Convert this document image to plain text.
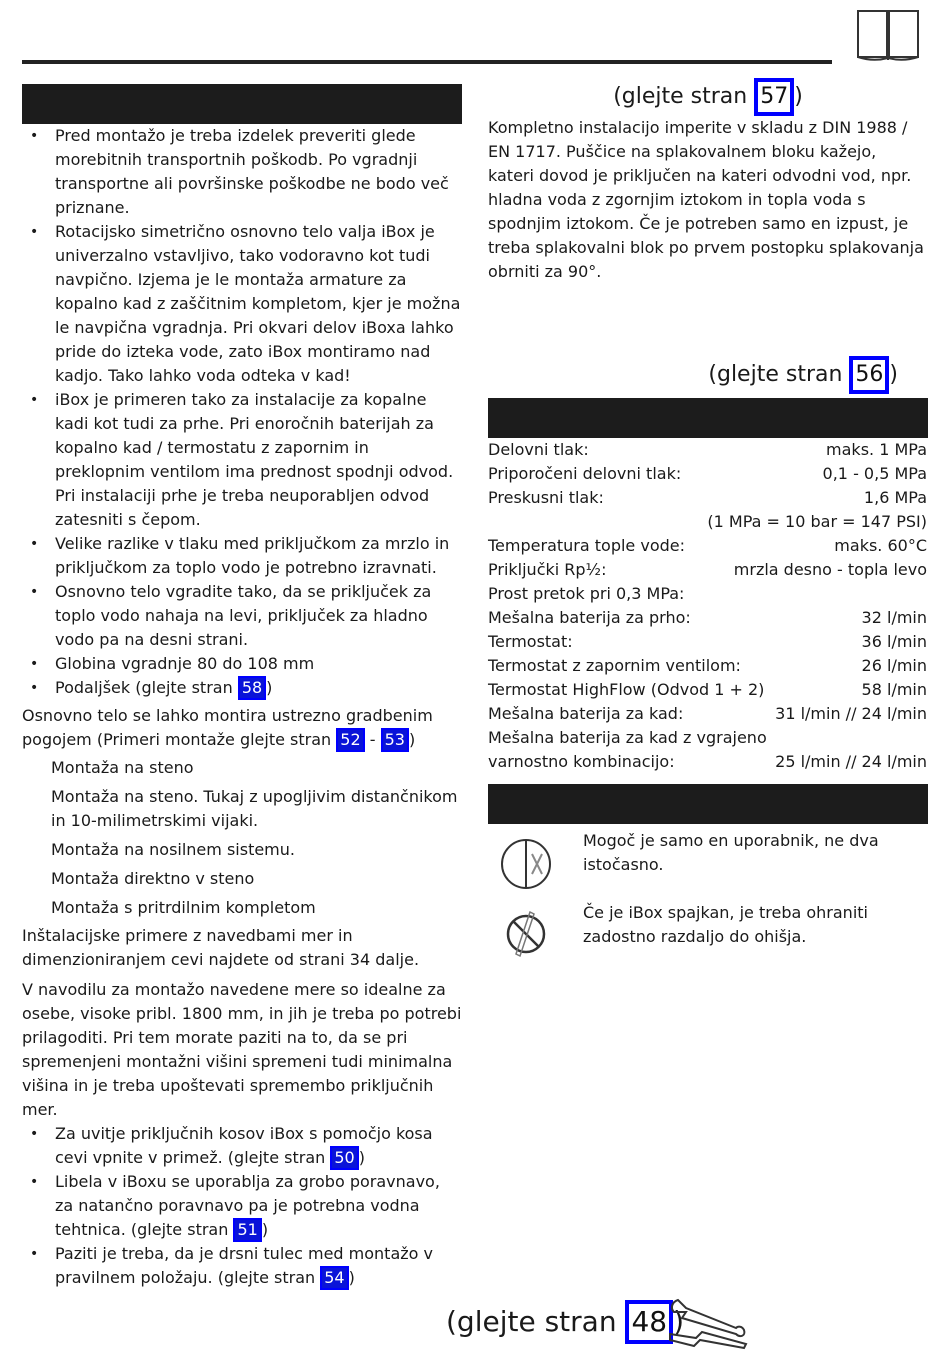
• Pred montažo je treba izdelek preveriti glede morebitnih transportnih poškodb. Po vgradnji transportne ali površinske poškodbe ne bodo več priznane.
• Rotacijsko simetrično osnovno telo valja iBox je univerzalno vstavljivo, tako vodoravno kot tudi navpično. Izjema je le montaža armature za kopalno kad z zaščitnim kompletom, kjer je možna le navpična vgradnja. Pri okvari delov iBoxa lahko pride do izteka vode, zato iBox montiramo nad kadjo. Tako lahko voda odteka v kad!
• iBox je primeren tako za instalacije za kopalne kadi kot tudi za prhe. Pri enoročnih baterijah za kopalno kad / termostatu z zapornim in preklopnim ventilom ima prednost spodnji odvod. Pri instalaciji prhe je treba neuporabljen odvod zatesniti s čepom.
• Velike razlike v tlaku med priključkom za mrzlo in priključkom za toplo vodo je potrebno izravnati.
• Osnovno telo vgradite tako, da se priključek za toplo vodo nahaja na levi, priključek za hladno vodo pa na desni strani.
• Globina vgradnje 80 do 108 mm
• Podaljšek (glejte stran 58 )

Osnovno telo se lahko montira ustrezno gradbenim pogojem (Primeri montaže glejte stran 52 - 53 )

Montaža na steno
Montaža na steno. Tukaj z upogljivim distančnikom in 10-milimetrskimi vijaki.
Montaža na nosilnem sistemu.
Montaža direktno v steno
Montaža s pritrdilnim kompletom

Inštalacijske primere z navedbami mer in dimenzioniranjem cevi najdete od strani 34 dalje.

V navodilu za montažo navedene mere so idealne za osebe, visoke pribl. 1800 mm, in jih je treba po potrebi prilagoditi. Pri tem morate paziti na to, da se pri spremenjeni montažni višini spremeni tudi minimalna višina in je treba upoštevati spremembo priključnih mer.

• Za uvitje priključnih kosov iBox s pomočjo kosa cevi vpnite v primež. (glejte stran 50 )
• Libela v iBoxu se uporablja za grobo poravnavo, za natančno poravnavo pa je potrebna vodna tehtnica. (glejte stran 51 )
• Paziti je treba, da je drsni tulec med montažo v pravilnem položaju. (glejte stran 54 )
(glejte stran 57 )

Kompletno instalacijo imperite v skladu z DIN 1988 / EN 1717. Puščice na splakovalnem bloku kažejo, kateri dovod je priključen na kateri odvodni vod, npr. hladna voda z zgornjim iztokom in topla voda s spodnjim iztokom. Če je potreben samo en izpust, je treba splakovalni blok po prvem postopku splakovanja obrniti za 90°.

(glejte stran 56 )
Delovni tlak:	maks. 1 MPa
Priporočeni delovni tlak:	0,1 - 0,5 MPa
Preskusni tlak:	1,6 MPa
(1 MPa = 10 bar = 147 PSI)
Temperatura tople vode:	maks. 60°C
Priključki Rp½:	mrzla desno - topla levo
Prost pretok pri 0,3 MPa:
Mešalna baterija za prho:	32 l/min
Termostat:	36 l/min
Termostat z zapornim ventilom:	26 l/min
Termostat HighFlow (Odvod 1 + 2)	58 l/min
Mešalna baterija za kad:	31 l/min // 24 l/min
Mešalna baterija za kad z vgrajeno
varnostno kombinacijo:	25 l/min // 24 l/min
Mogoč je samo en uporabnik, ne dva istočasno.
Če je iBox spajkan, je treba ohraniti zadostno razdaljo do ohišja.
(glejte stran 48 )
